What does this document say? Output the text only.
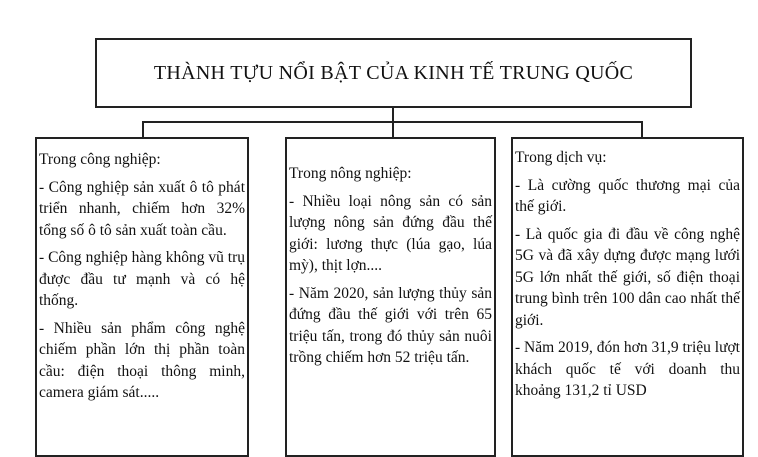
THÀNH TỰU NỔI BẬT CỦA KINH TẾ TRUNG QUỐC
Trong công nghiệp:
- Công nghiệp sản xuất ô tô phát triển nhanh, chiếm hơn 32% tổng số ô tô sản xuất toàn cầu.
- Công nghiệp hàng không vũ trụ được đầu tư mạnh và có hệ thống.
- Nhiều sản phẩm công nghệ chiếm phần lớn thị phần toàn cầu: điện thoại thông minh, camera giám sát.....
Trong nông nghiệp:
- Nhiều loại nông sản có sản lượng nông sản đứng đầu thế giới: lương thực (lúa gạo, lúa mỳ), thịt lợn....
- Năm 2020, sản lượng thủy sản đứng đầu thế giới với trên 65 triệu tấn, trong đó thủy sản nuôi trồng chiếm hơn 52 triệu tấn.
Trong dịch vụ:
- Là cường quốc thương mại của thế giới.
- Là quốc gia đi đầu về công nghệ 5G và đã xây dựng được mạng lưới 5G lớn nhất thế giới, số điện thoại trung bình trên 100 dân cao nhất thế giới.
- Năm 2019, đón hơn 31,9 triệu lượt khách quốc tế với doanh thu khoảng 131,2 tỉ USD
